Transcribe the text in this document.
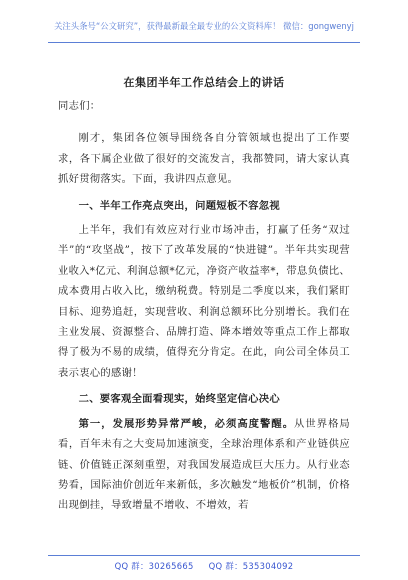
关注头条号“公文研究”，获得最新最全最专业的公文资料库！ 微信：gongwenyj
在集团半年工作总结会上的讲话

同志们：

刚才，集团各位领导围绕各自分管领域也提出了工作要求，各下属企业做了很好的交流发言，我都赞同，请大家认真抓好贯彻落实。下面，我讲四点意见。

一、半年工作亮点突出，问题短板不容忽视

上半年，我们有效应对行业市场冲击，打赢了任务“双过半”的“攻坚战”，按下了改革发展的“快进键”。半年共实现营业收入*亿元、利润总额*亿元，净资产收益率*，带息负债比、成本费用占收入比，缴纳税费。特别是二季度以来，我们紧盯目标、迎势追赶，实现营收、利润总额环比分别增长。我们在主业发展、资源整合、品牌打造、降本增效等重点工作上都取得了极为不易的成绩，值得充分肯定。在此，向公司全体员工表示衷心的感谢！

二、要客观全面看现实，始终坚定信心决心

第一，发展形势异常严峻，必须高度警醒。从世界格局看，百年未有之大变局加速演变，全球治理体系和产业链供应链、价值链正深刻重塑，对我国发展造成巨大压力。从行业态势看，国际油价创近年来新低，多次触发“地板价”机制，价格出现倒挂，导致增量不增收、不增效，若

QQ 群：30265665 QQ 群：535304092
